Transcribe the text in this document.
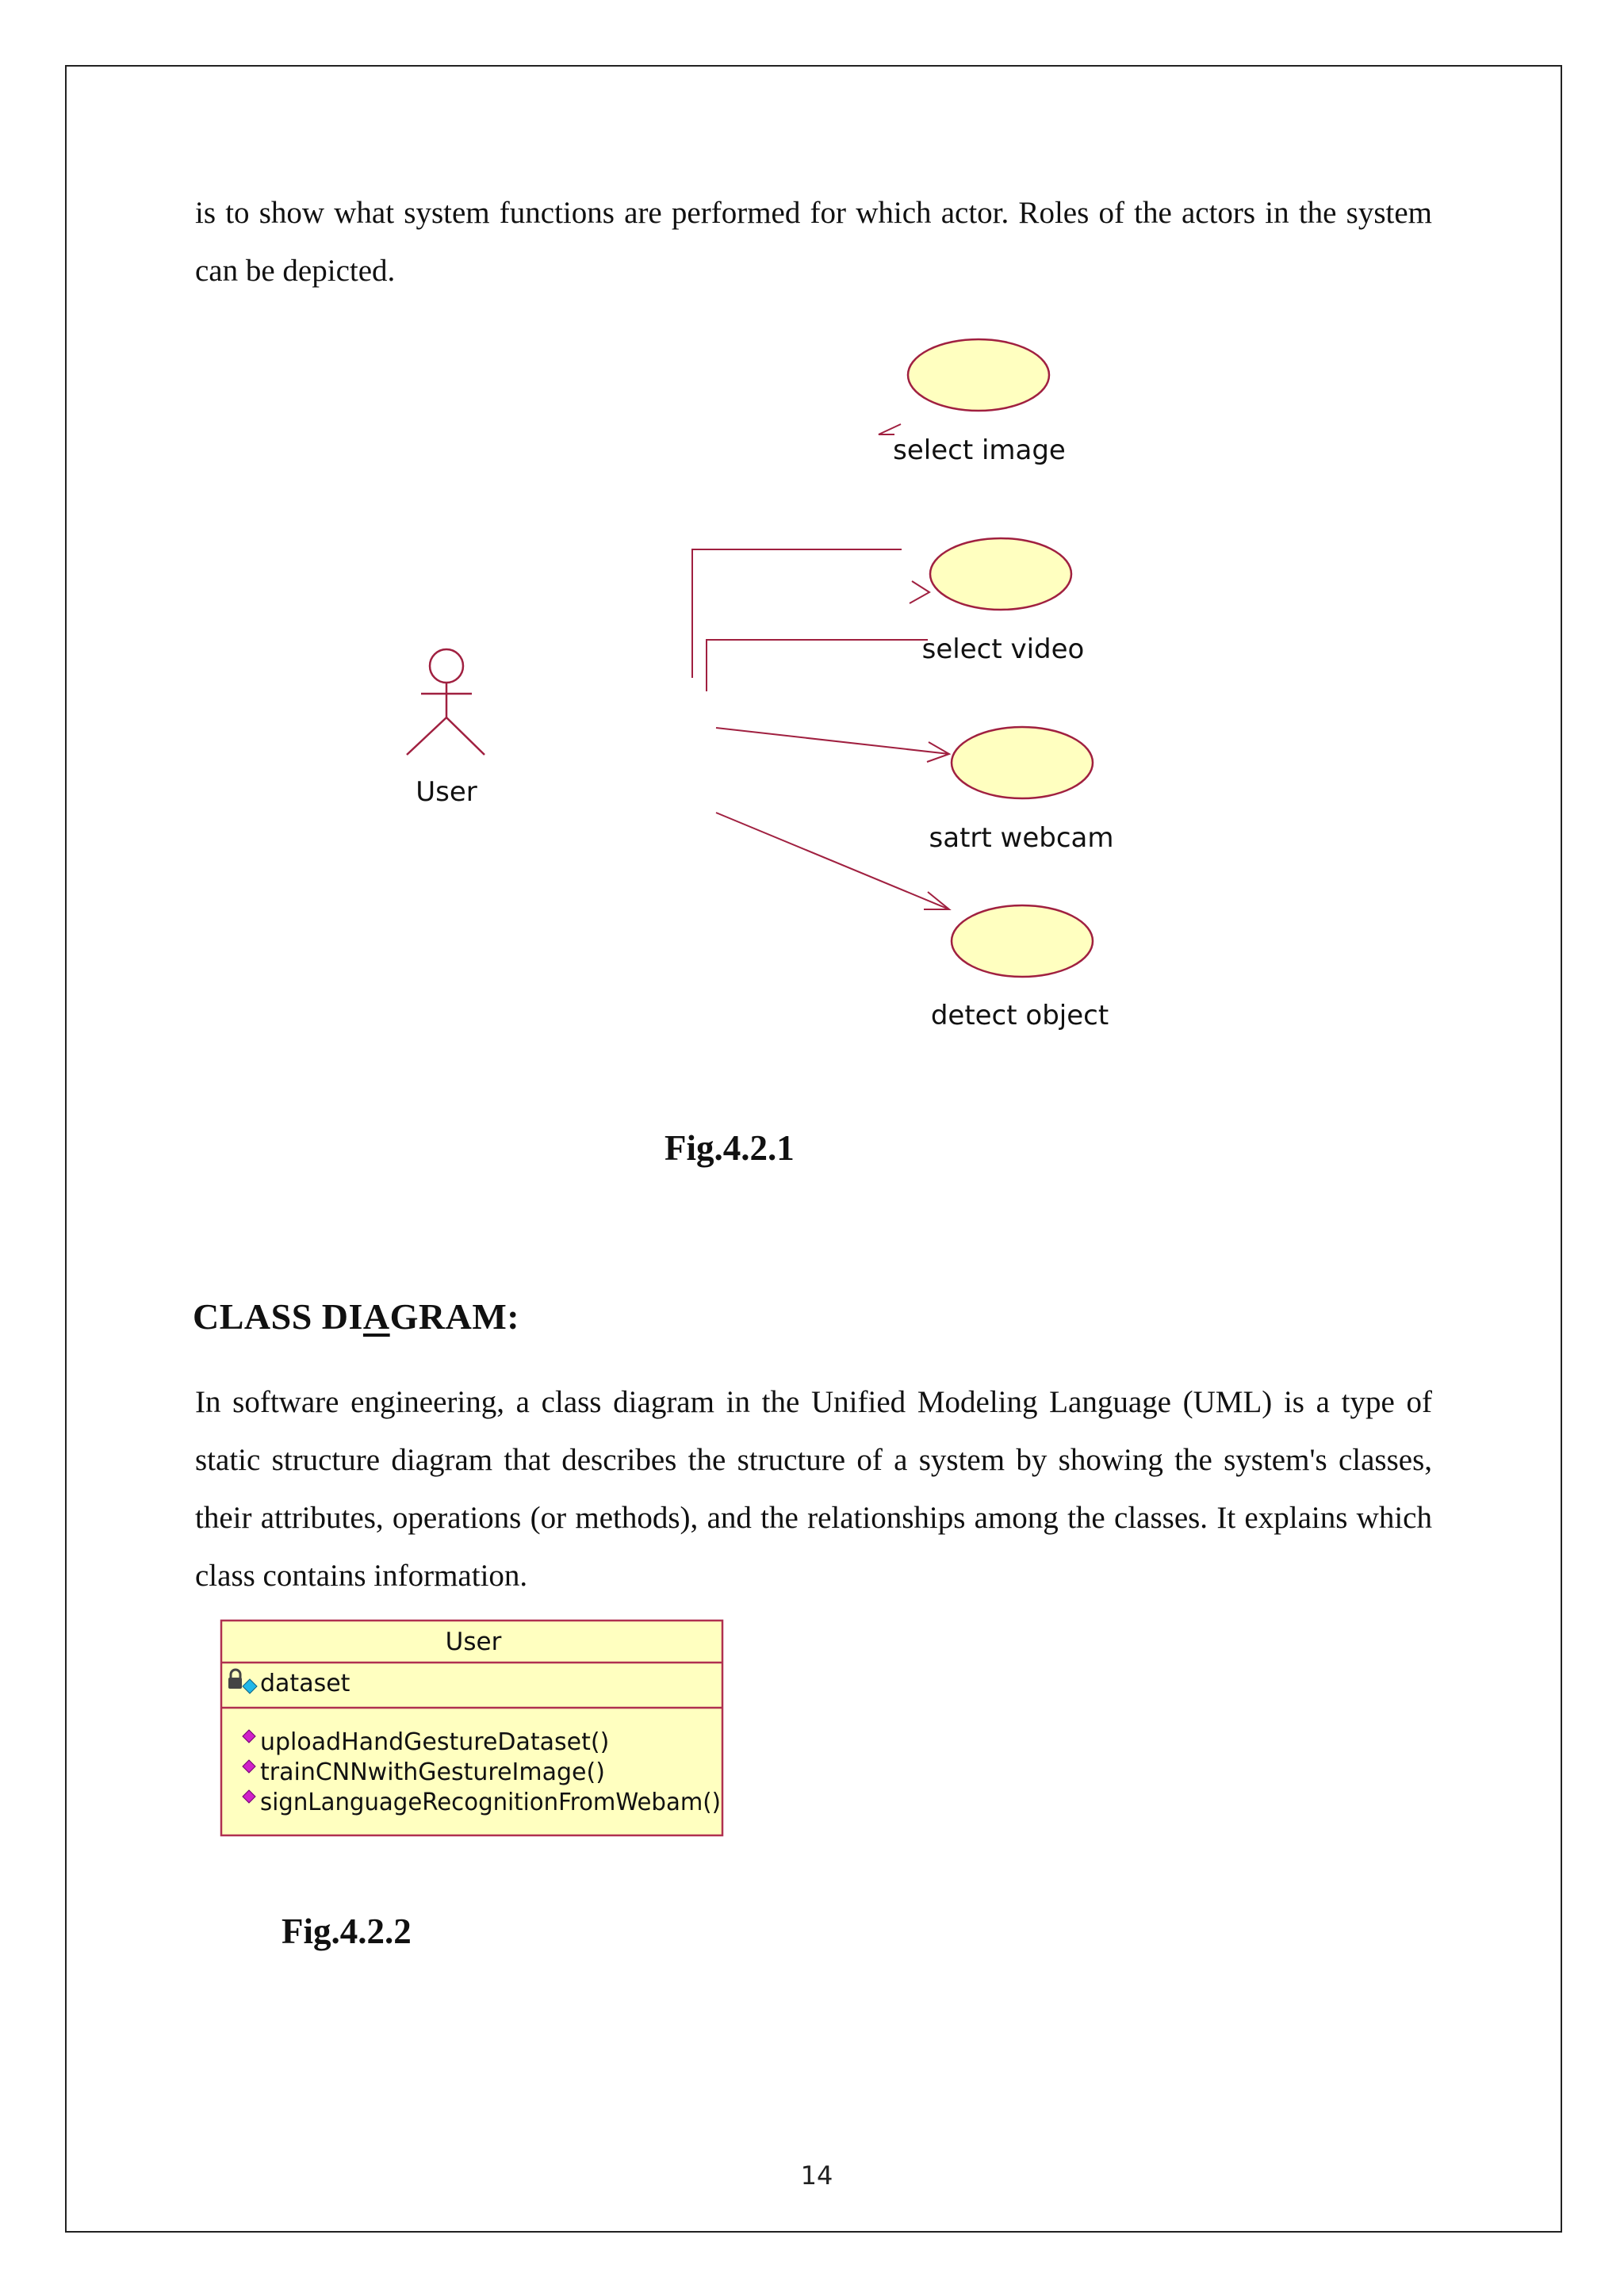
is to show what system functions are performed for which actor. Roles of the actors in the system can be depicted.

User
select image
select video
satrt webcam
detect object
User
dataset
uploadHandGestureDataset()
trainCNNwithGestureImage()
signLanguageRecognitionFromWebam()

Fig.4.2.1

CLASS DIAGRAM:

In software engineering, a class diagram in the Unified Modeling Language (UML) is a type of static structure diagram that describes the structure of a system by showing the system's classes, their attributes, operations (or methods), and the relationships among the classes. It explains which class contains information.

Fig.4.2.2

14
